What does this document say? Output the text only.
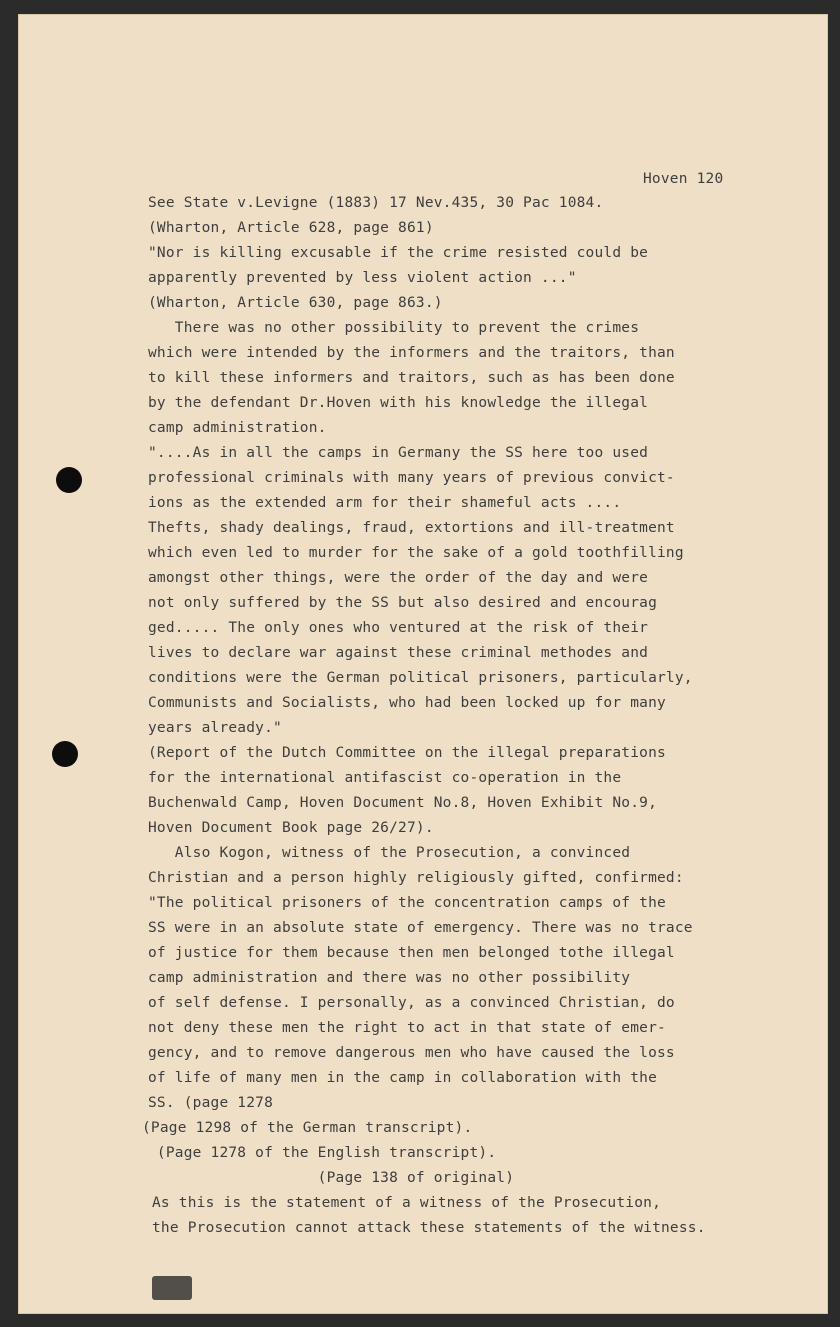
Hoven 120
See State v.Levigne (1883) 17 Nev.435, 30 Pac 1084.
(Wharton, Article 628, page 861)
"Nor is killing excusable if the crime resisted could be
apparently prevented by less violent action ..."
(Wharton, Article 630, page 863.)
There was no other possibility to prevent the crimes
which were intended by the informers and the traitors, than
to kill these informers and traitors, such as has been done
by the defendant Dr.Hoven with his knowledge the illegal
camp administration.
"....As in all the camps in Germany the SS here too used
professional criminals with many years of previous convict-
ions as the extended arm for their shameful acts ....
Thefts, shady dealings, fraud, extortions and ill-treatment
which even led to murder for the sake of a gold toothfilling
amongst other things, were the order of the day and were
not only suffered by the SS but also desired and encourag
ged..... The only ones who ventured at the risk of their
lives to declare war against these criminal methodes and
conditions were the German political prisoners, particularly,
Communists and Socialists, who had been locked up for many
years already."
(Report of the Dutch Committee on the illegal preparations
for the international antifascist co-operation in the
Buchenwald Camp, Hoven Document No.8, Hoven Exhibit No.9,
Hoven Document Book page 26/27).
Also Kogon, witness of the Prosecution, a convinced
Christian and a person highly religiously gifted, confirmed:
"The political prisoners of the concentration camps of the
SS were in an absolute state of emergency. There was no trace
of justice for them because then men belonged tothe illegal
camp administration and there was no other possibility
of self defense. I personally, as a convinced Christian, do
not deny these men the right to act in that state of emer-
gency, and to remove dangerous men who have caused the loss
of life of many men in the camp in collaboration with the
SS. (page 1278
(Page 1298 of the German transcript).
(Page 1278 of the English transcript).
(Page 138 of original)
As this is the statement of a witness of the Prosecution,
the Prosecution cannot attack these statements of the witness.
